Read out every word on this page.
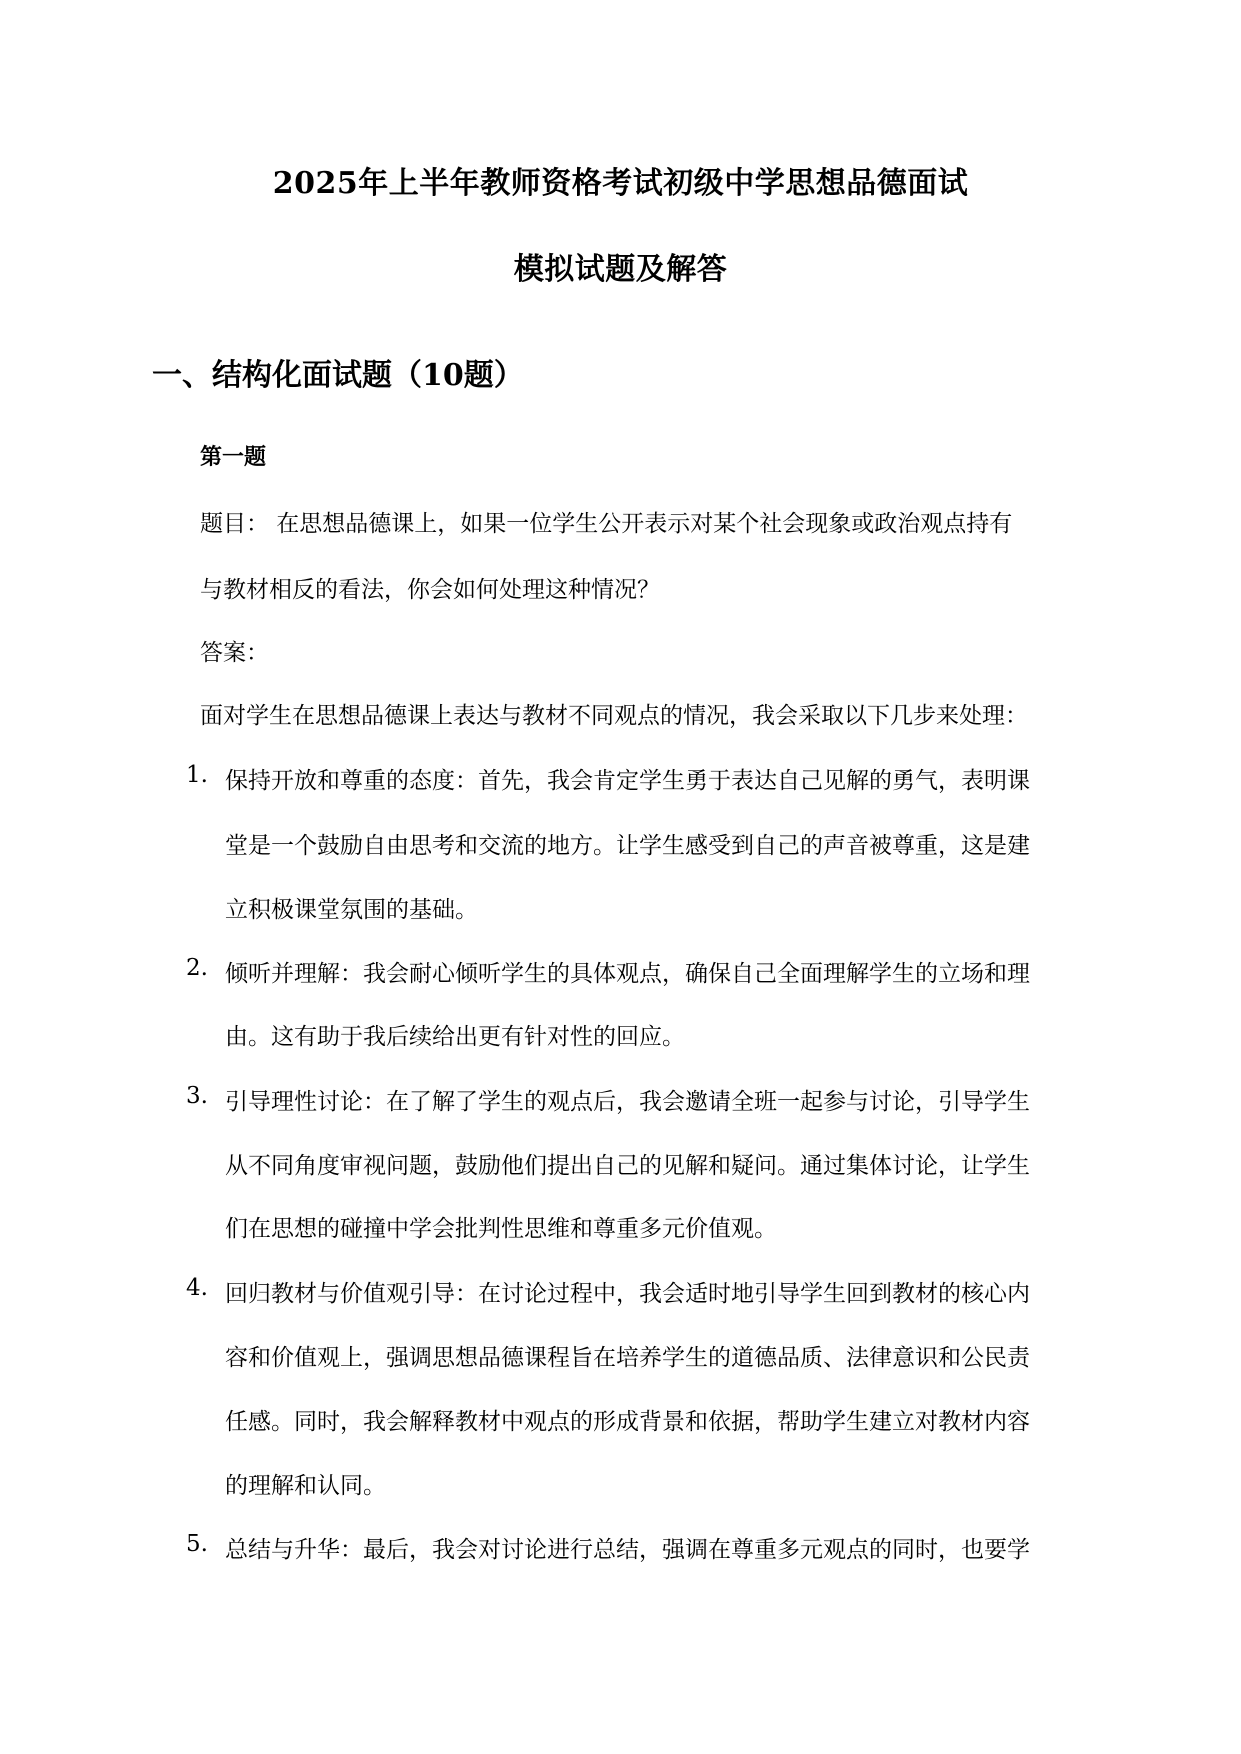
2025年上半年教师资格考试初级中学思想品德面试
模拟试题及解答
一、结构化面试题（10题）
第一题
题目： 在思想品德课上，如果一位学生公开表示对某个社会现象或政治观点持有
与教材相反的看法，你会如何处理这种情况？
答案：
面对学生在思想品德课上表达与教材不同观点的情况，我会采取以下几步来处理：
1. 保持开放和尊重的态度：首先，我会肯定学生勇于表达自己见解的勇气，表明课
堂是一个鼓励自由思考和交流的地方。让学生感受到自己的声音被尊重，这是建
立积极课堂氛围的基础。
2. 倾听并理解：我会耐心倾听学生的具体观点，确保自己全面理解学生的立场和理
由。这有助于我后续给出更有针对性的回应。
3. 引导理性讨论：在了解了学生的观点后，我会邀请全班一起参与讨论，引导学生
从不同角度审视问题，鼓励他们提出自己的见解和疑问。通过集体讨论，让学生
们在思想的碰撞中学会批判性思维和尊重多元价值观。
4. 回归教材与价值观引导：在讨论过程中，我会适时地引导学生回到教材的核心内
容和价值观上，强调思想品德课程旨在培养学生的道德品质、法律意识和公民责
任感。同时，我会解释教材中观点的形成背景和依据，帮助学生建立对教材内容
的理解和认同。
5. 总结与升华：最后，我会对讨论进行总结，强调在尊重多元观点的同时，也要学
